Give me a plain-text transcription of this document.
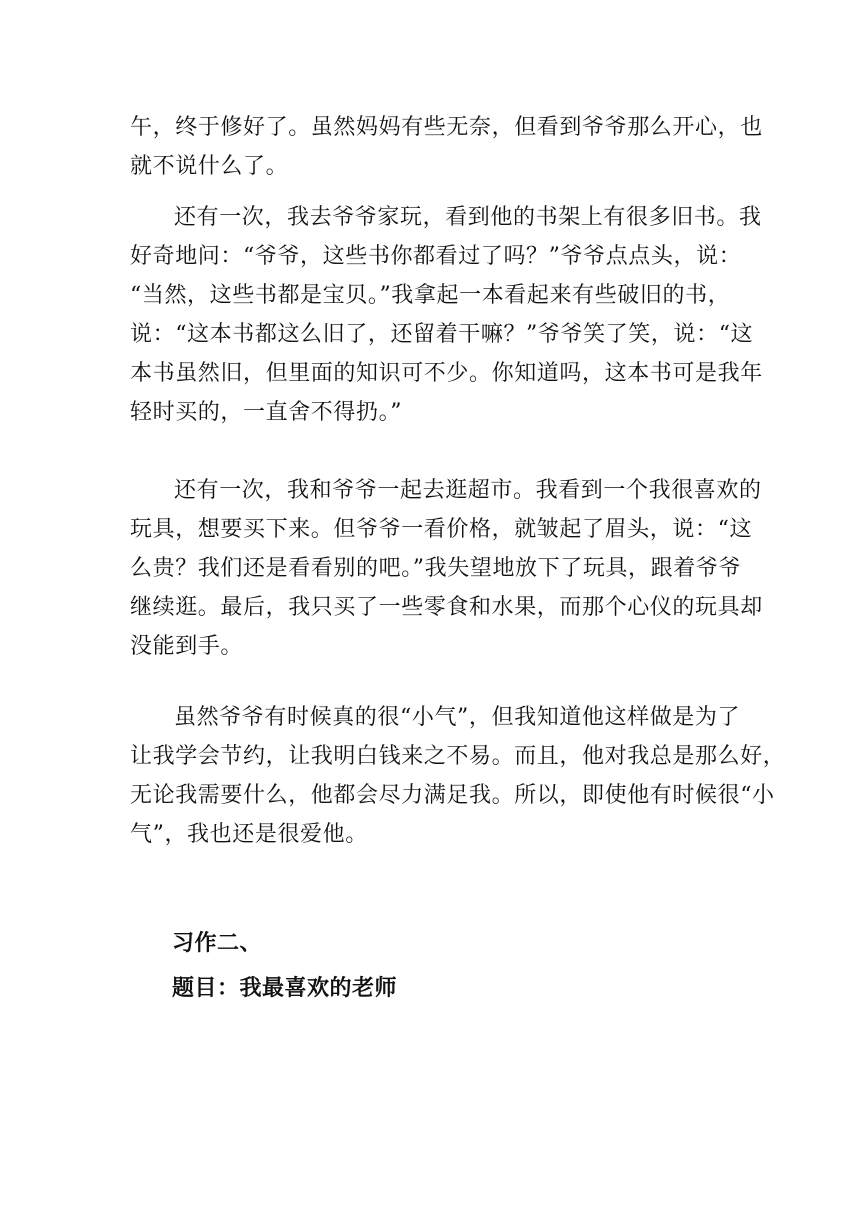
午，终于修好了。虽然妈妈有些无奈，但看到爷爷那么开心，也
就不说什么了。
还有一次，我去爷爷家玩，看到他的书架上有很多旧书。我
好奇地问：“爷爷，这些书你都看过了吗？”爷爷点点头，说：
“当然，这些书都是宝贝。”我拿起一本看起来有些破旧的书，
说：“这本书都这么旧了，还留着干嘛？”爷爷笑了笑，说：“这
本书虽然旧，但里面的知识可不少。你知道吗，这本书可是我年
轻时买的，一直舍不得扔。”
还有一次，我和爷爷一起去逛超市。我看到一个我很喜欢的
玩具，想要买下来。但爷爷一看价格，就皱起了眉头，说：“这
么贵？我们还是看看别的吧。”我失望地放下了玩具，跟着爷爷
继续逛。最后，我只买了一些零食和水果，而那个心仪的玩具却
没能到手。
虽然爷爷有时候真的很“小气”，但我知道他这样做是为了
让我学会节约，让我明白钱来之不易。而且，他对我总是那么好，
无论我需要什么，他都会尽力满足我。所以，即使他有时候很“小
气”，我也还是很爱他。
习作二、
题目：我最喜欢的老师
